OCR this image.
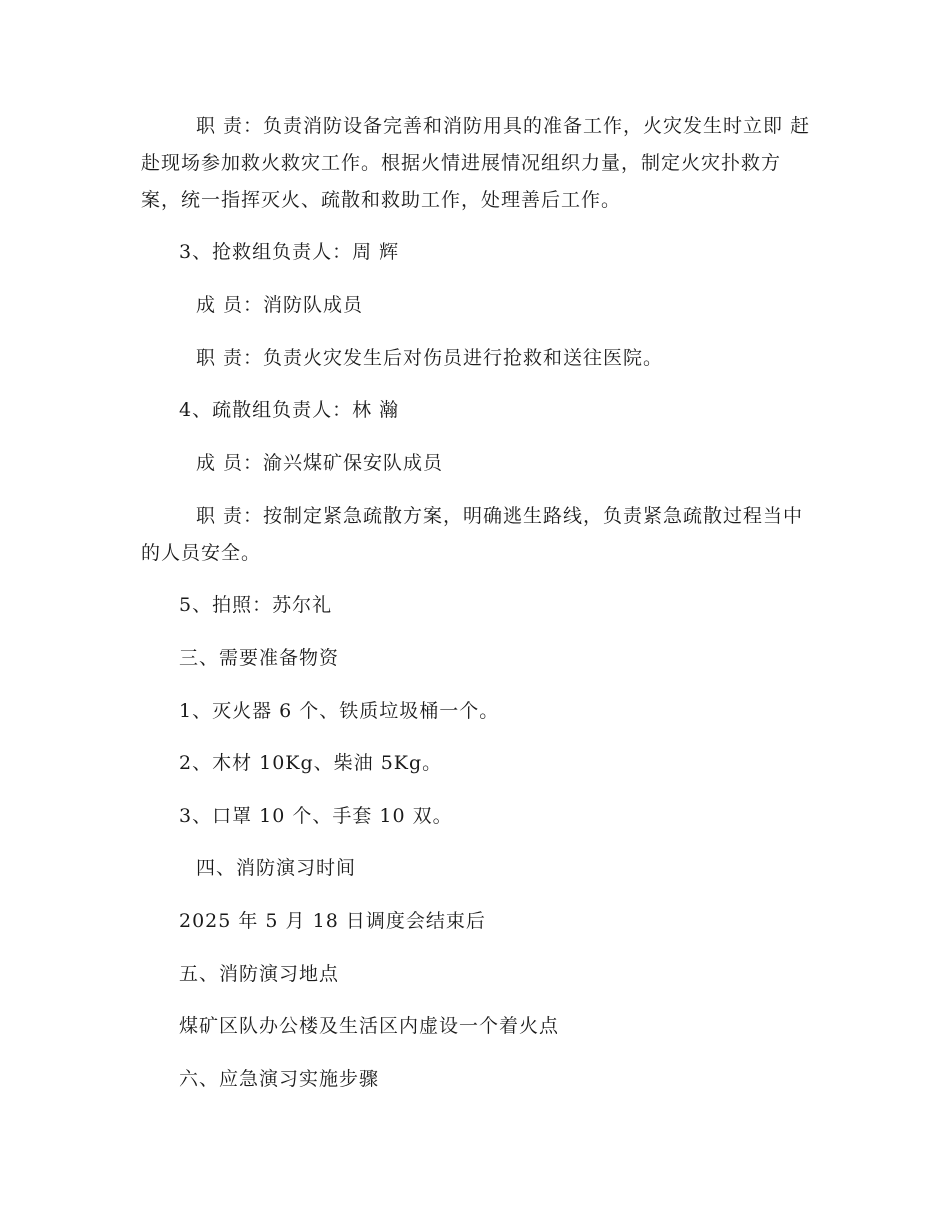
职 责：负责消防设备完善和消防用具的准备工作，火灾发生时立即 赶赴现场参加救火救灾工作。根据火情进展情况组织力量，制定火灾扑救方案，统一指挥灭火、疏散和救助工作，处理善后工作。

3、抢救组负责人：周 辉

成 员：消防队成员

职 责：负责火灾发生后对伤员进行抢救和送往医院。

4、疏散组负责人：林 瀚

成 员：渝兴煤矿保安队成员

职 责：按制定紧急疏散方案，明确逃生路线，负责紧急疏散过程当中的人员安全。

5、拍照：苏尔礼

三、需要准备物资

1、灭火器 6 个、铁质垃圾桶一个。

2、木材 10Kg、柴油 5Kg。

3、口罩 10 个、手套 10 双。

四、消防演习时间

2025 年 5 月 18 日调度会结束后

五、消防演习地点

煤矿区队办公楼及生活区内虚设一个着火点

六、应急演习实施步骤
